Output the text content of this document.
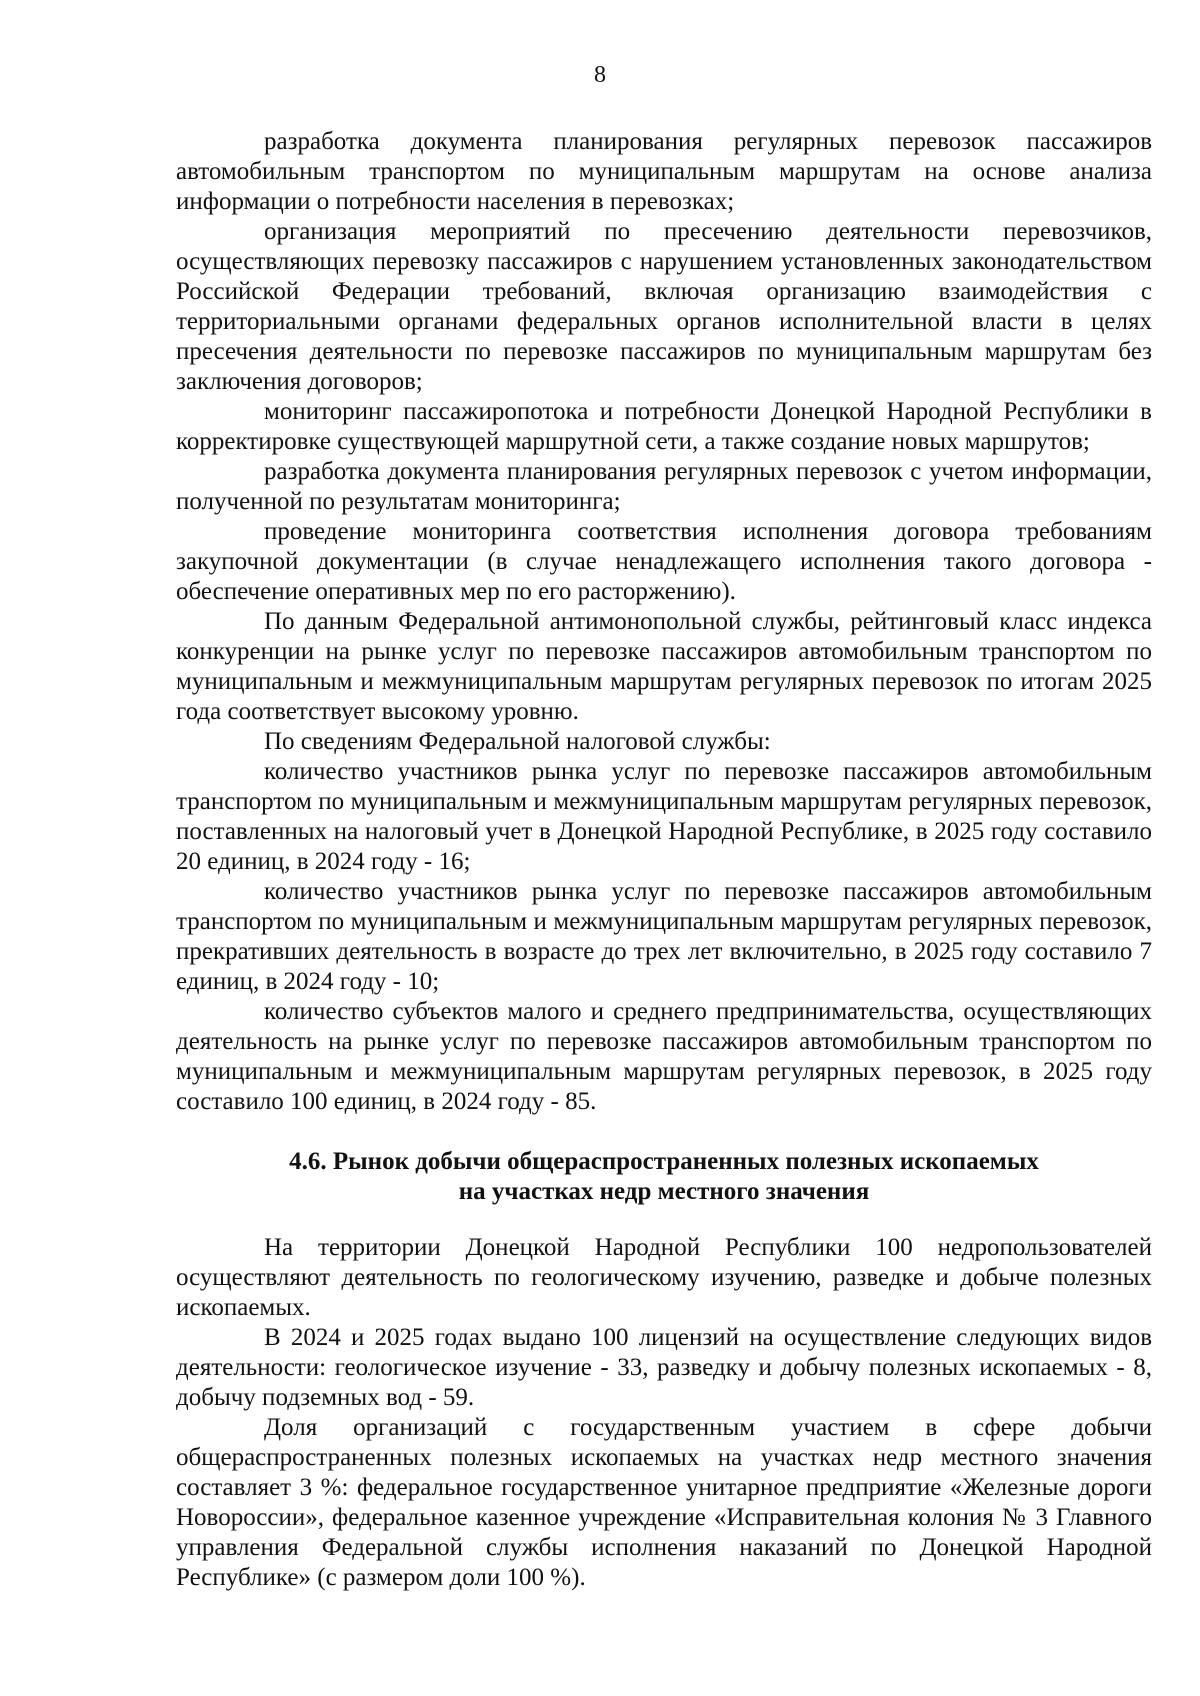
8

разработка документа планирования регулярных перевозок пассажиров автомобильным транспортом по муниципальным маршрутам на основе анализа информации о потребности населения в перевозках;

организация мероприятий по пресечению деятельности перевозчиков, осуществляющих перевозку пассажиров с нарушением установленных законодательством Российской Федерации требований, включая организацию взаимодействия с территориальными органами федеральных органов исполнительной власти в целях пресечения деятельности по перевозке пассажиров по муниципальным маршрутам без заключения договоров;

мониторинг пассажиропотока и потребности Донецкой Народной Республики в корректировке существующей маршрутной сети, а также создание новых маршрутов;

разработка документа планирования регулярных перевозок с учетом информации, полученной по результатам мониторинга;

проведение мониторинга соответствия исполнения договора требованиям закупочной документации (в случае ненадлежащего исполнения такого договора - обеспечение оперативных мер по его расторжению).

По данным Федеральной антимонопольной службы, рейтинговый класс индекса конкуренции на рынке услуг по перевозке пассажиров автомобильным транспортом по муниципальным и межмуниципальным маршрутам регулярных перевозок по итогам 2025 года соответствует высокому уровню.

По сведениям Федеральной налоговой службы:

количество участников рынка услуг по перевозке пассажиров автомобильным транспортом по муниципальным и межмуниципальным маршрутам регулярных перевозок, поставленных на налоговый учет в Донецкой Народной Республике, в 2025 году составило 20 единиц, в 2024 году - 16;

количество участников рынка услуг по перевозке пассажиров автомобильным транспортом по муниципальным и межмуниципальным маршрутам регулярных перевозок, прекративших деятельность в возрасте до трех лет включительно, в 2025 году составило 7 единиц, в 2024 году - 10;

количество субъектов малого и среднего предпринимательства, осуществляющих деятельность на рынке услуг по перевозке пассажиров автомобильным транспортом по муниципальным и межмуниципальным маршрутам регулярных перевозок, в 2025 году составило 100 единиц, в 2024 году - 85.

4.6. Рынок добычи общераспространенных полезных ископаемых
на участках недр местного значения

На территории Донецкой Народной Республики 100 недропользователей осуществляют деятельность по геологическому изучению, разведке и добыче полезных ископаемых.

В 2024 и 2025 годах выдано 100 лицензий на осуществление следующих видов деятельности: геологическое изучение - 33, разведку и добычу полезных ископаемых - 8, добычу подземных вод - 59.

Доля организаций с государственным участием в сфере добычи общераспространенных полезных ископаемых на участках недр местного значения составляет 3 %: федеральное государственное унитарное предприятие «Железные дороги Новороссии», федеральное казенное учреждение «Исправительная колония № 3 Главного управления Федеральной службы исполнения наказаний по Донецкой Народной Республике» (с размером доли 100 %).
